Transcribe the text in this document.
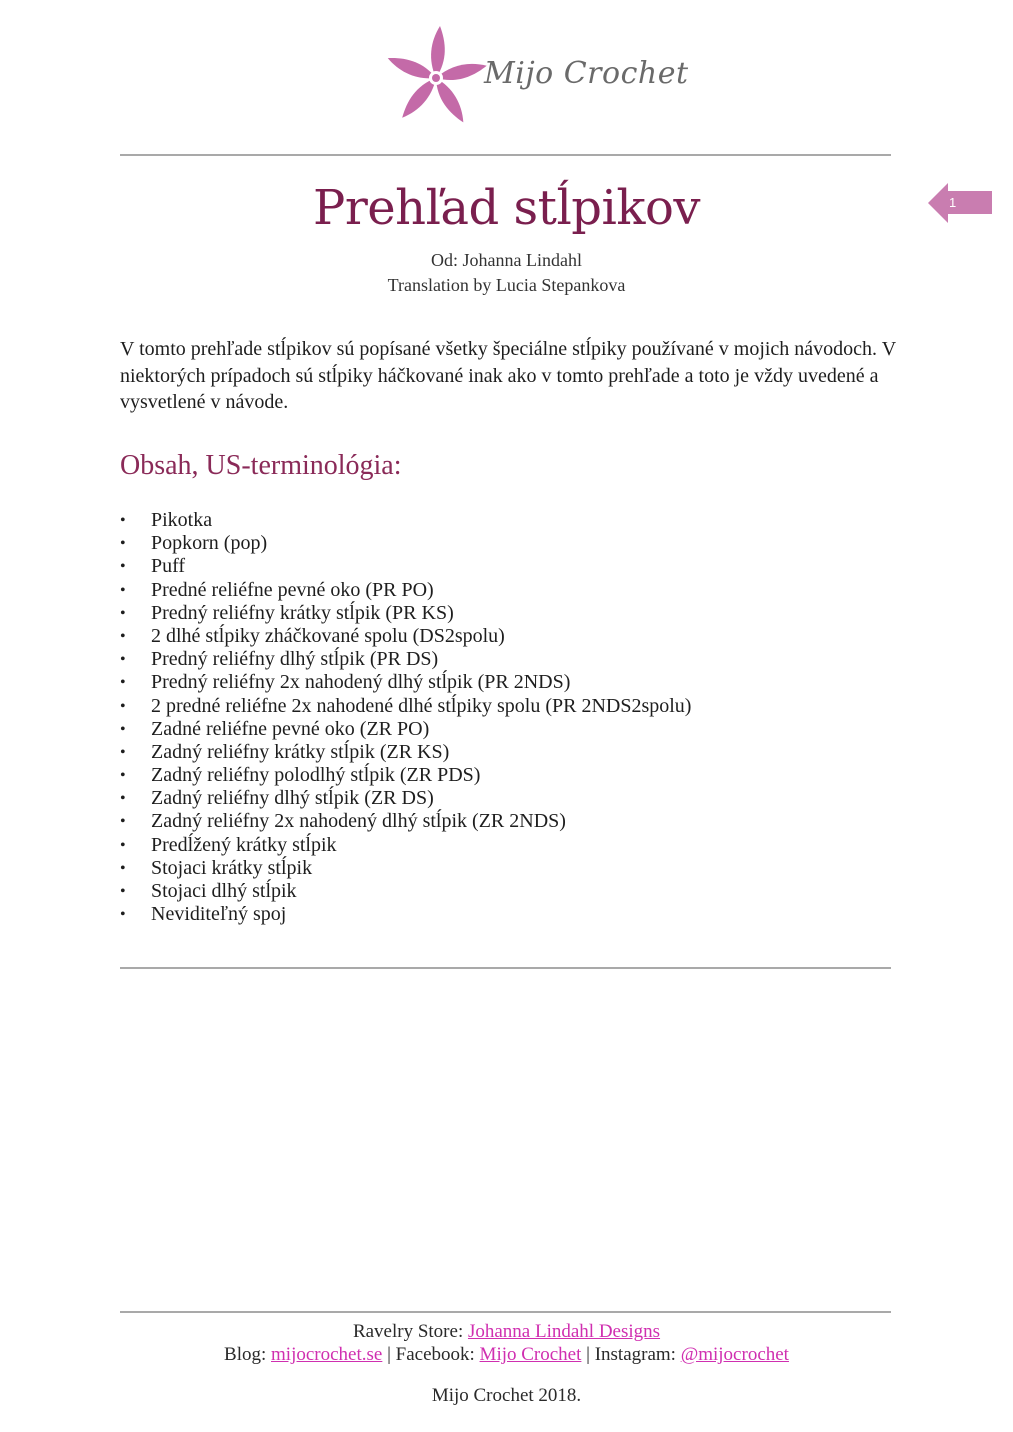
Mijo Crochet
1
Prehľad stĺpikov
Od: Johanna Lindahl
Translation by Lucia Stepankova

V tomto prehľade stĺpikov sú popísané všetky špeciálne stĺpiky používané v mojich návodoch. V niektorých prípadoch sú stĺpiky háčkované inak ako v tomto prehľade a toto je vždy uvedené a vysvetlené v návode.

Obsah, US-terminológia:
• Pikotka
• Popkorn (pop)
• Puff
• Predné reliéfne pevné oko (PR PO)
• Predný reliéfny krátky stĺpik (PR KS)
• 2 dlhé stĺpiky zháčkované spolu (DS2spolu)
• Predný reliéfny dlhý stĺpik (PR DS)
• Predný reliéfny 2x nahodený dlhý stĺpik (PR 2NDS)
• 2 predné reliéfne 2x nahodené dlhé stĺpiky spolu (PR 2NDS2spolu)
• Zadné reliéfne pevné oko (ZR PO)
• Zadný reliéfny krátky stĺpik (ZR KS)
• Zadný reliéfny polodlhý stĺpik (ZR PDS)
• Zadný reliéfny dlhý stĺpik (ZR DS)
• Zadný reliéfny 2x nahodený dlhý stĺpik (ZR 2NDS)
• Predĺžený krátky stĺpik
• Stojaci krátky stĺpik
• Stojaci dlhý stĺpik
• Neviditeľný spoj
Ravelry Store: Johanna Lindahl Designs
Blog: mijocrochet.se | Facebook: Mijo Crochet | Instagram: @mijocrochet
Mijo Crochet 2018.
